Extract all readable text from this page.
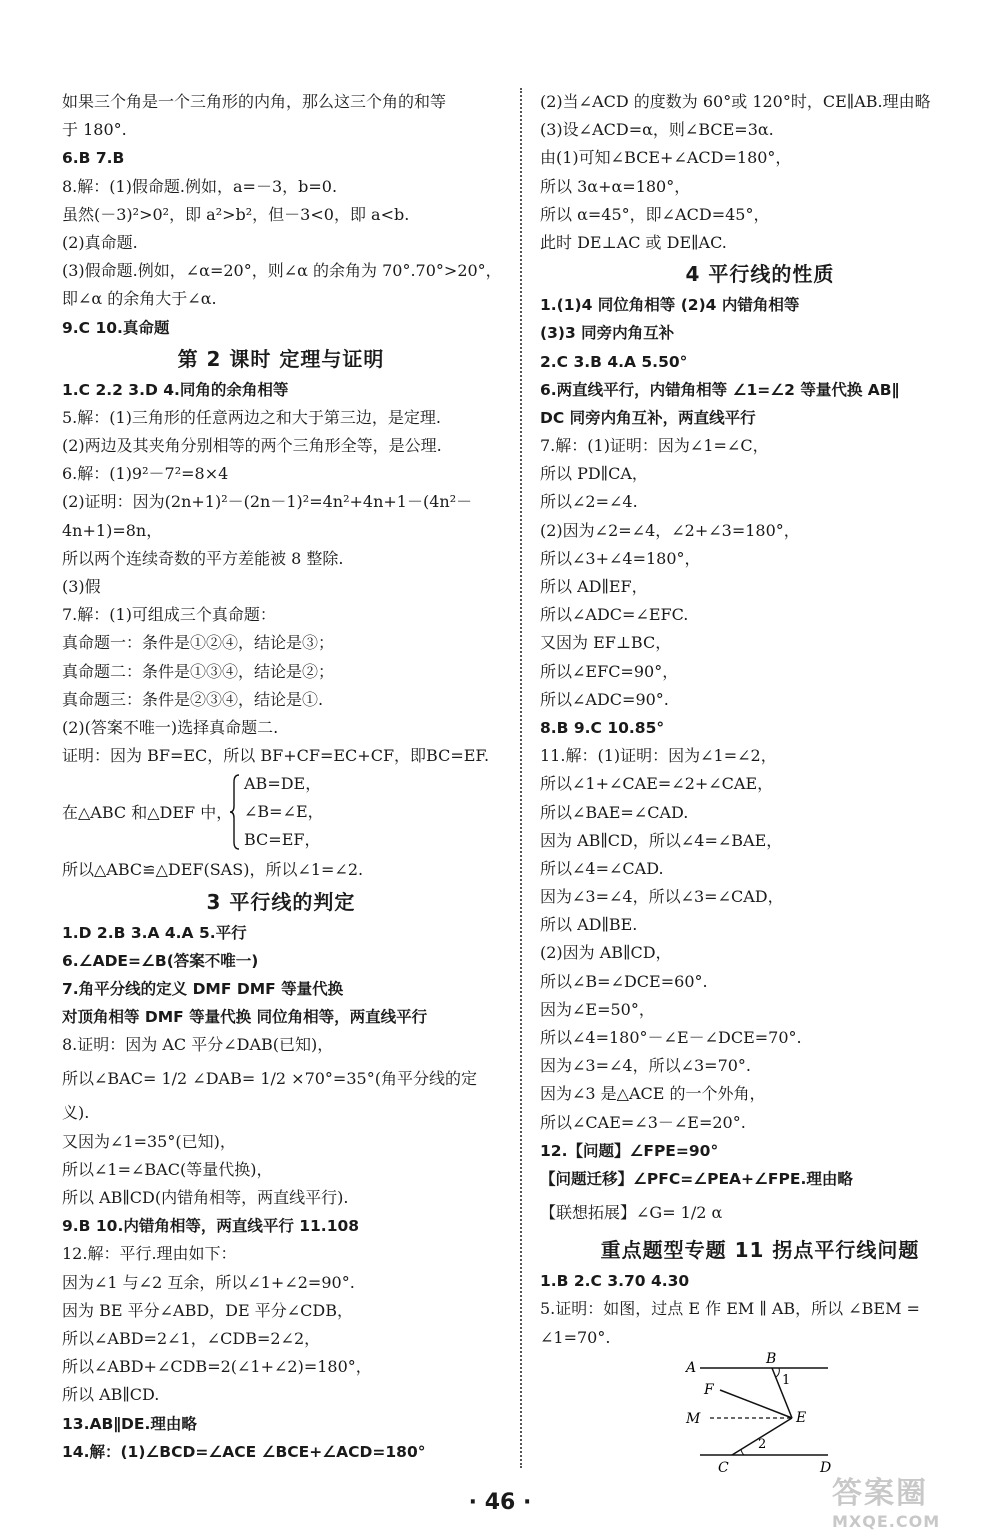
如果三个角是一个三角形的内角，那么这三个角的和等
于 180°.
6.B 7.B
8.解：(1)假命题.例如，a=－3，b=0.
虽然(－3)²>0²，即 a²>b²，但－3<0，即 a<b.
(2)真命题.
(3)假命题.例如，∠α=20°，则∠α 的余角为 70°.70°>20°，
即∠α 的余角大于∠α.
9.C 10.真命题
第 2 课时 定理与证明
1.C 2.2 3.D 4.同角的余角相等
5.解：(1)三角形的任意两边之和大于第三边，是定理.
(2)两边及其夹角分别相等的两个三角形全等，是公理.
6.解：(1)9²－7²=8×4
(2)证明：因为(2n+1)²－(2n－1)²=4n²+4n+1－(4n²－
4n+1)=8n，
所以两个连续奇数的平方差能被 8 整除.
(3)假
7.解：(1)可组成三个真命题：
真命题一：条件是①②④，结论是③；
真命题二：条件是①③④，结论是②；
真命题三：条件是②③④，结论是①.
(2)(答案不唯一)选择真命题二.
证明：因为 BF=EC，所以 BF+CF=EC+CF，即BC=EF.
在△ABC 和△DEF 中，
AB=DE，
∠B=∠E，
BC=EF，
所以△ABC≌△DEF(SAS)，所以∠1=∠2.
3 平行线的判定
1.D 2.B 3.A 4.A 5.平行
6.∠ADE=∠B(答案不唯一)
7.角平分线的定义 DMF DMF 等量代换
对顶角相等 DMF 等量代换 同位角相等，两直线平行
8.证明：因为 AC 平分∠DAB(已知)，
所以∠BAC= 1/2 ∠DAB= 1/2 ×70°=35°(角平分线的定
义).
又因为∠1=35°(已知)，
所以∠1=∠BAC(等量代换)，
所以 AB∥CD(内错角相等，两直线平行).
9.B 10.内错角相等，两直线平行 11.108
12.解：平行.理由如下：
因为∠1 与∠2 互余，所以∠1+∠2=90°.
因为 BE 平分∠ABD，DE 平分∠CDB，
所以∠ABD=2∠1，∠CDB=2∠2，
所以∠ABD+∠CDB=2(∠1+∠2)=180°，
所以 AB∥CD.
13.AB∥DE.理由略
14.解：(1)∠BCD=∠ACE ∠BCE+∠ACD=180°
(2)当∠ACD 的度数为 60°或 120°时，CE∥AB.理由略
(3)设∠ACD=α，则∠BCE=3α.
由(1)可知∠BCE+∠ACD=180°，
所以 3α+α=180°，
所以 α=45°，即∠ACD=45°，
此时 DE⊥AC 或 DE∥AC.
4 平行线的性质
1.(1)4 同位角相等 (2)4 内错角相等
(3)3 同旁内角互补
2.C 3.B 4.A 5.50°
6.两直线平行，内错角相等 ∠1=∠2 等量代换 AB∥
DC 同旁内角互补，两直线平行
7.解：(1)证明：因为∠1=∠C，
所以 PD∥CA，
所以∠2=∠4.
(2)因为∠2=∠4，∠2+∠3=180°，
所以∠3+∠4=180°，
所以 AD∥EF，
所以∠ADC=∠EFC.
又因为 EF⊥BC，
所以∠EFC=90°，
所以∠ADC=90°.
8.B 9.C 10.85°
11.解：(1)证明：因为∠1=∠2，
所以∠1+∠CAE=∠2+∠CAE，
所以∠BAE=∠CAD.
因为 AB∥CD，所以∠4=∠BAE，
所以∠4=∠CAD.
因为∠3=∠4，所以∠3=∠CAD，
所以 AD∥BE.
(2)因为 AB∥CD，
所以∠B=∠DCE=60°.
因为∠E=50°，
所以∠4=180°－∠E－∠DCE=70°.
因为∠3=∠4，所以∠3=70°.
因为∠3 是△ACE 的一个外角，
所以∠CAE=∠3－∠E=20°.
12.【问题】∠FPE=90°
【问题迁移】∠PFC=∠PEA+∠FPE.理由略
【联想拓展】∠G= 1/2 α
重点题型专题 11 拐点平行线问题
1.B 2.C 3.70 4.30
5.证明：如图，过点 E 作 EM ∥ AB，所以 ∠BEM =
∠1=70°.
A
B
1
F
M	E
2
C	D
· 46 ·	答案圈
MXQE.COM
